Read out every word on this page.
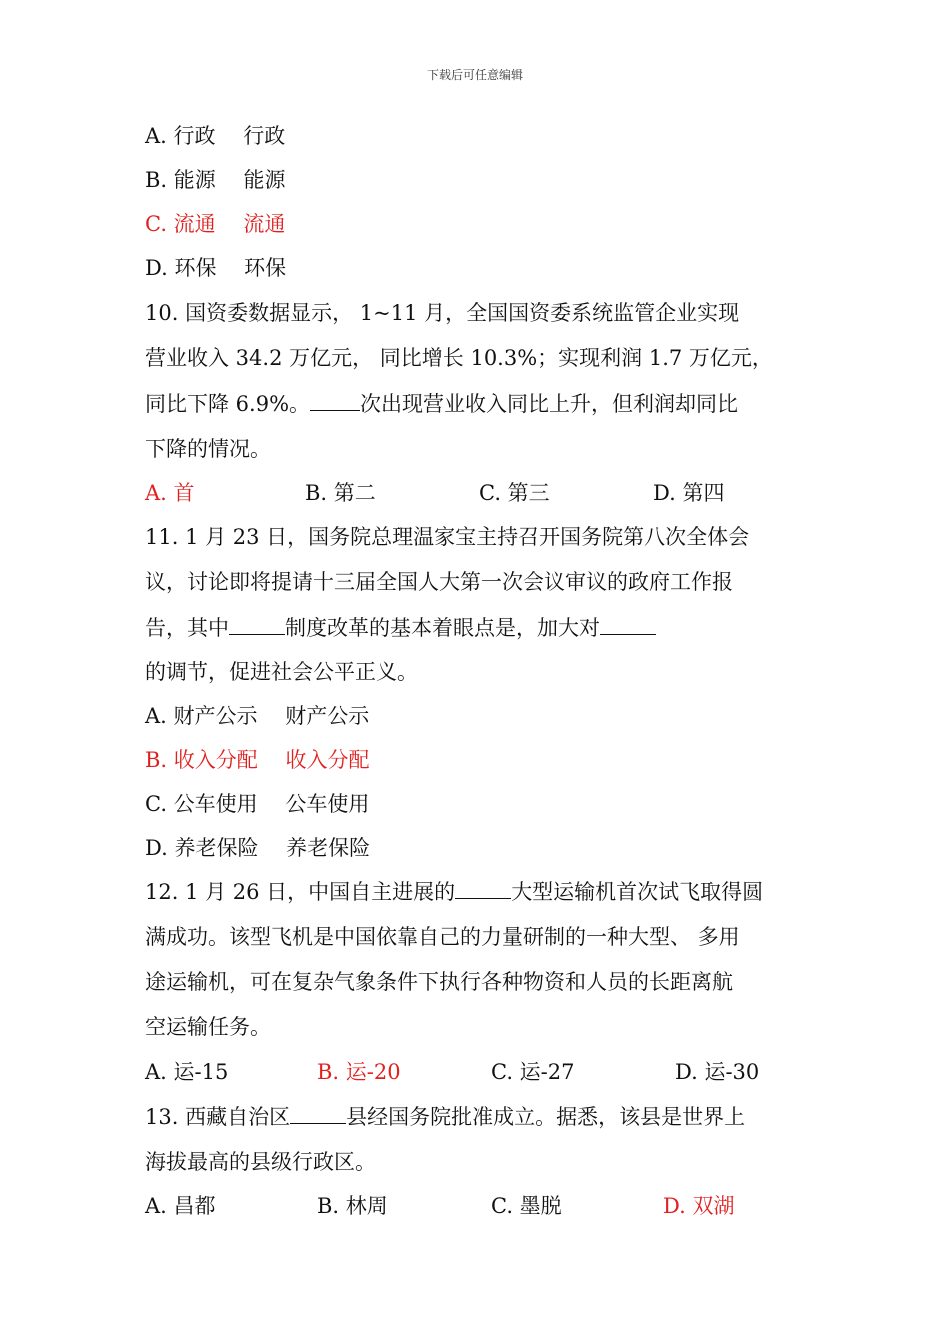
下载后可任意编辑
A. 行政　 行政
B. 能源　 能源
C. 流通　 流通
D. 环保　 环保
10. 国资委数据显示， 1~11 月，全国国资委系统监管企业实现
营业收入 34.2 万亿元， 同比增长 10.3%；实现利润 1.7 万亿元，
同比下降 6.9%。 次出现营业收入同比上升，但利润却同比
下降的情况。
A. 首	B. 第二	C. 第三	D. 第四
11. 1 月 23 日，国务院总理温家宝主持召开国务院第八次全体会
议，讨论即将提请十三届全国人大第一次会议审议的政府工作报
告，其中	制度改革的基本着眼点是，加大对
的调节，促进社会公平正义。
A. 财产公示　 财产公示
B. 收入分配　 收入分配
C. 公车使用　 公车使用
D. 养老保险　 养老保险
12. 1 月 26 日，中国自主进展的	大型运输机首次试飞取得圆
满成功。该型飞机是中国依靠自己的力量研制的一种大型、 多用
途运输机，可在复杂气象条件下执行各种物资和人员的长距离航
空运输任务。
A. 运-15	B. 运-20	C. 运-27	D. 运-30
13. 西藏自治区	县经国务院批准成立。据悉，该县是世界上
海拔最高的县级行政区。
A. 昌都	B. 林周	C. 墨脱	D. 双湖
